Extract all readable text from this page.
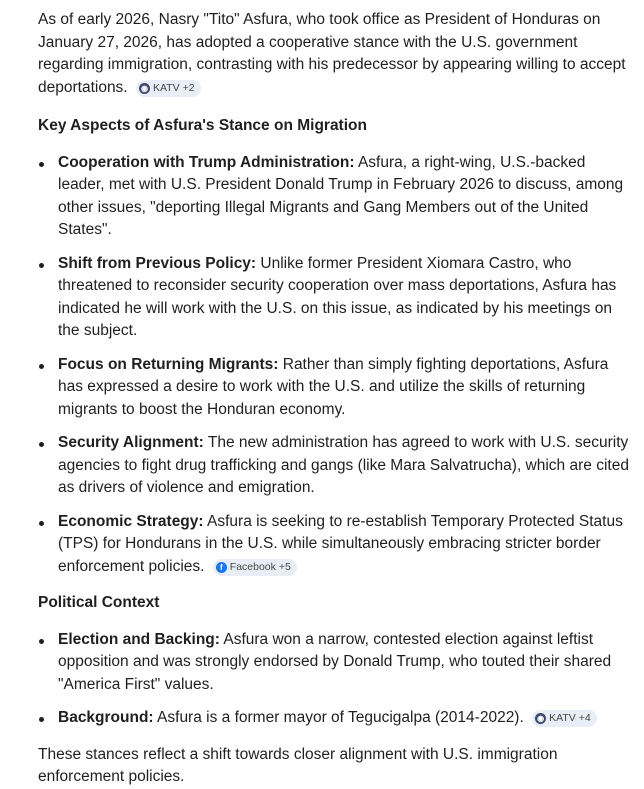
As of early 2026, Nasry "Tito" Asfura, who took office as President of Honduras on January 27, 2026, has adopted a cooperative stance with the U.S. government regarding immigration, contrasting with his predecessor by appearing willing to accept deportations. ◉ KATV +2

Key Aspects of Asfura's Stance on Migration
Cooperation with Trump Administration: Asfura, a right-wing, U.S.-backed leader, met with U.S. President Donald Trump in February 2026 to discuss, among other issues, "deporting Illegal Migrants and Gang Members out of the United States".
Shift from Previous Policy: Unlike former President Xiomara Castro, who threatened to reconsider security cooperation over mass deportations, Asfura has indicated he will work with the U.S. on this issue, as indicated by his meetings on the subject.
Focus on Returning Migrants: Rather than simply fighting deportations, Asfura has expressed a desire to work with the U.S. and utilize the skills of returning migrants to boost the Honduran economy.
Security Alignment: The new administration has agreed to work with U.S. security agencies to fight drug trafficking and gangs (like Mara Salvatrucha), which are cited as drivers of violence and emigration.
Economic Strategy: Asfura is seeking to re-establish Temporary Protected Status (TPS) for Hondurans in the U.S. while simultaneously embracing stricter border enforcement policies.	f Facebook +5
Political Context
Election and Backing: Asfura won a narrow, contested election against leftist opposition and was strongly endorsed by Donald Trump, who touted their shared "America First" values.
Background: Asfura is a former mayor of Tegucigalpa (2014-2022). ◉ KATV +4

These stances reflect a shift towards closer alignment with U.S. immigration enforcement policies.
